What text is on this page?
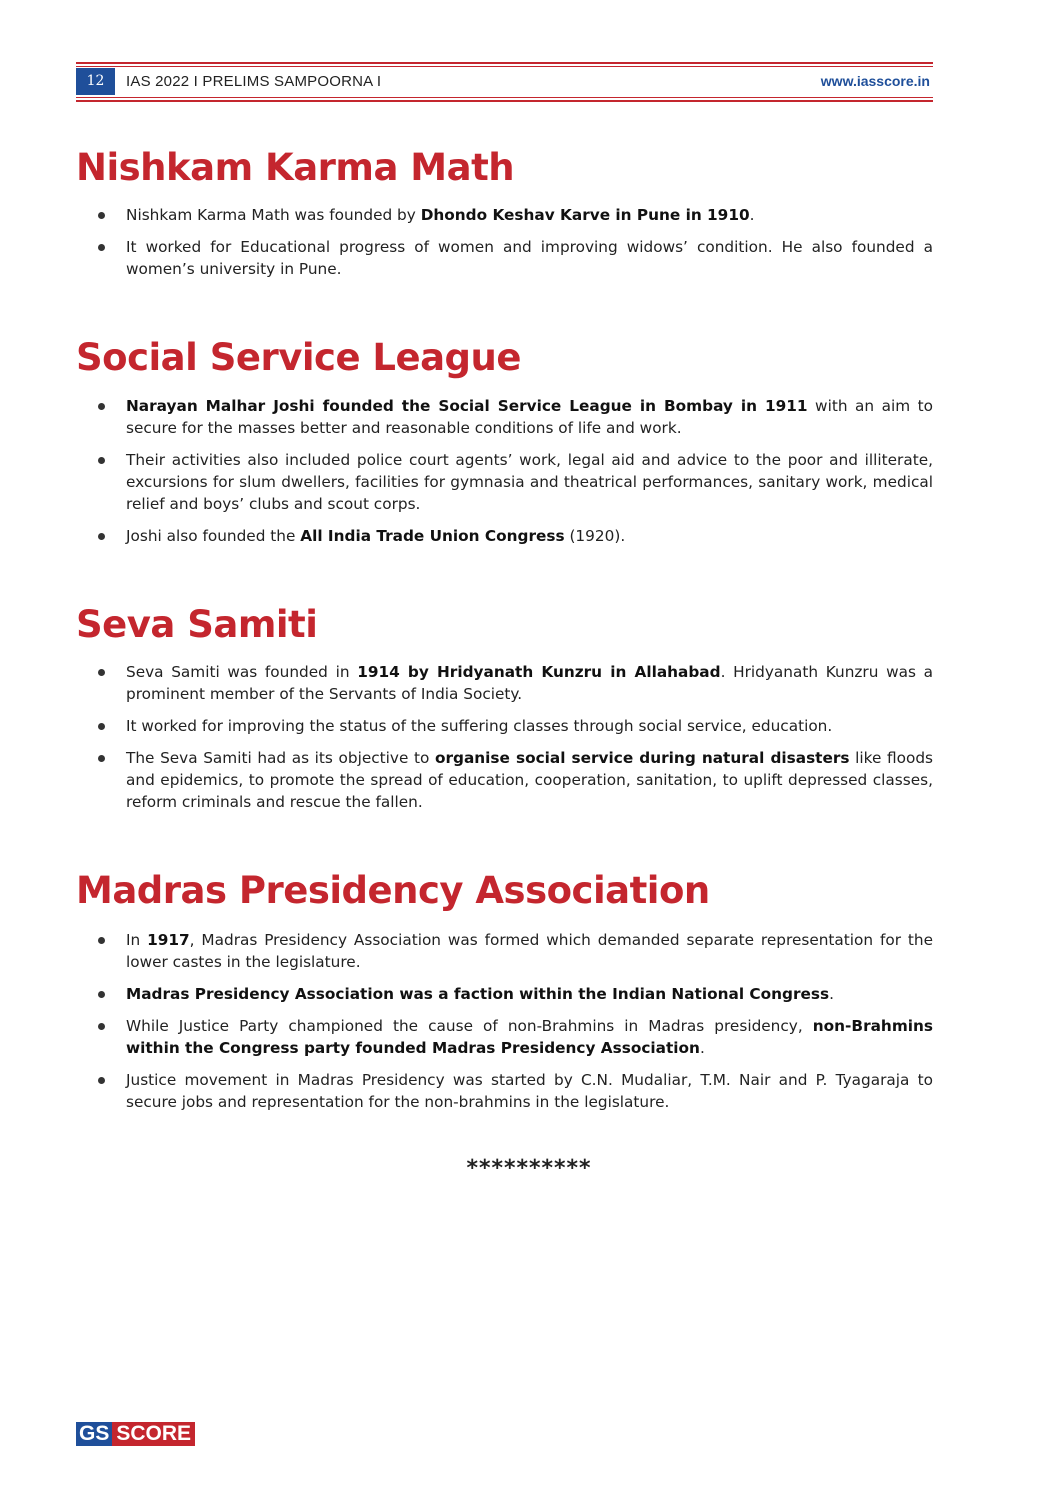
12	IAS 2022 I PRELIMS SAMPOORNA I	www.iasscore.in
Nishkam Karma Math
Nishkam Karma Math was founded by Dhondo Keshav Karve in Pune in 1910.
It worked for Educational progress of women and improving widows’ condition. He also founded a women’s university in Pune.
Social Service League
Narayan Malhar Joshi founded the Social Service League in Bombay in 1911 with an aim to secure for the masses better and reasonable conditions of life and work.
Their activities also included police court agents’ work, legal aid and advice to the poor and illiterate, excursions for slum dwellers, facilities for gymnasia and theatrical performances, sanitary work, medical relief and boys’ clubs and scout corps.
Joshi also founded the All India Trade Union Congress (1920).
Seva Samiti
Seva Samiti was founded in 1914 by Hridyanath Kunzru in Allahabad. Hridyanath Kunzru was a prominent member of the Servants of India Society.
It worked for improving the status of the suffering classes through social service, education.
The Seva Samiti had as its objective to organise social service during natural disasters like floods and epidemics, to promote the spread of education, cooperation, sanitation, to uplift depressed classes, reform criminals and rescue the fallen.
Madras Presidency Association
In 1917, Madras Presidency Association was formed which demanded separate representation for the lower castes in the legislature.
Madras Presidency Association was a faction within the Indian National Congress.
While Justice Party championed the cause of non-Brahmins in Madras presidency, non-Brahmins within the Congress party founded Madras Presidency Association.
Justice movement in Madras Presidency was started by C.N. Mudaliar, T.M. Nair and P. Tyagaraja to secure jobs and representation for the non-brahmins in the legislature.
**********
GS SCORE
